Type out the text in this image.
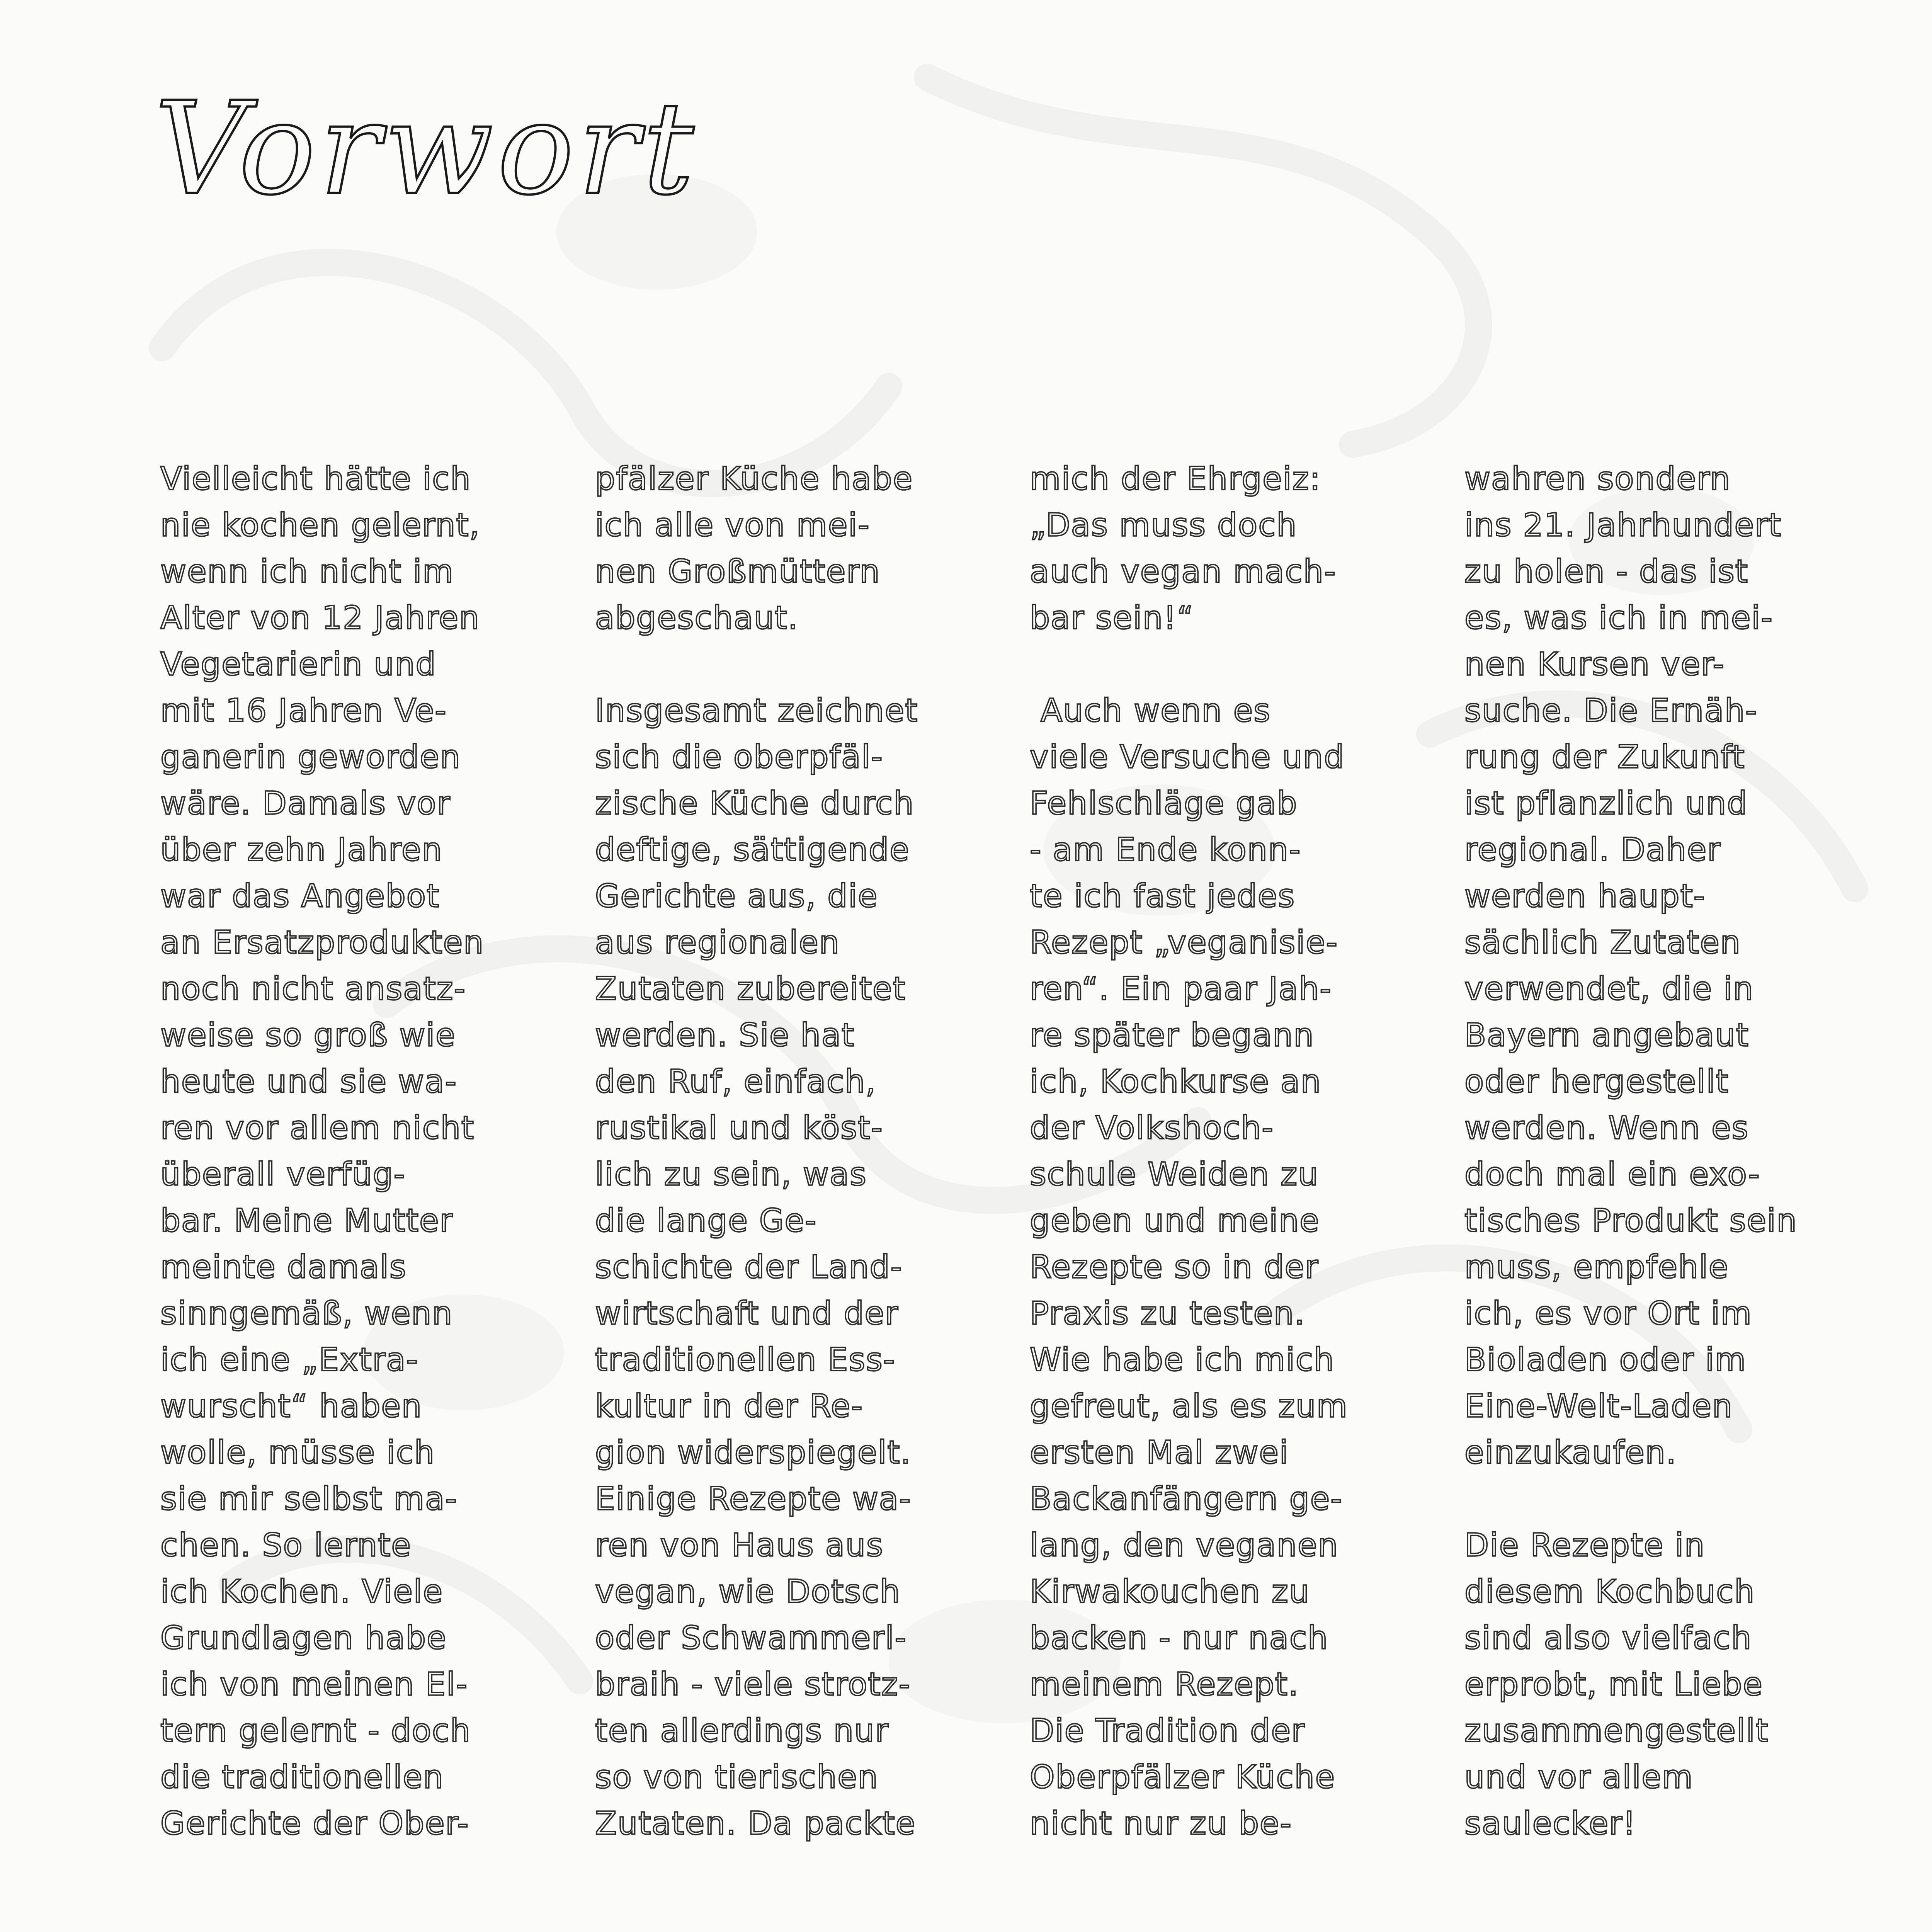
Vorwort
Vielleicht hätte ich
nie kochen gelernt,
wenn ich nicht im
Alter von 12 Jahren
Vegetarierin und
mit 16 Jahren Ve-
ganerin geworden
wäre. Damals vor
über zehn Jahren
war das Angebot
an Ersatzprodukten
noch nicht ansatz-
weise so groß wie
heute und sie wa-
ren vor allem nicht
überall verfüg-
bar. Meine Mutter
meinte damals
sinngemäß, wenn
ich eine „Extra-
wurscht“ haben
wolle, müsse ich
sie mir selbst ma-
chen. So lernte
ich Kochen. Viele
Grundlagen habe
ich von meinen El-
tern gelernt - doch
die traditionellen
Gerichte der Ober-
pfälzer Küche habe
ich alle von mei-
nen Großmüttern
abgeschaut.
Insgesamt zeichnet
sich die oberpfäl-
zische Küche durch
deftige, sättigende
Gerichte aus, die
aus regionalen
Zutaten zubereitet
werden. Sie hat
den Ruf, einfach,
rustikal und köst-
lich zu sein, was
die lange Ge-
schichte der Land-
wirtschaft und der
traditionellen Ess-
kultur in der Re-
gion widerspiegelt.
Einige Rezepte wa-
ren von Haus aus
vegan, wie Dotsch
oder Schwammerl-
braih - viele strotz-
ten allerdings nur
so von tierischen
Zutaten. Da packte
mich der Ehrgeiz:
„Das muss doch
auch vegan mach-
bar sein!“
Auch wenn es
viele Versuche und
Fehlschläge gab
- am Ende konn-
te ich fast jedes
Rezept „veganisie-
ren“. Ein paar Jah-
re später begann
ich, Kochkurse an
der Volkshoch-
schule Weiden zu
geben und meine
Rezepte so in der
Praxis zu testen.
Wie habe ich mich
gefreut, als es zum
ersten Mal zwei
Backanfängern ge-
lang, den veganen
Kirwakouchen zu
backen - nur nach
meinem Rezept.
Die Tradition der
Oberpfälzer Küche
nicht nur zu be-
wahren sondern
ins 21. Jahrhundert
zu holen - das ist
es, was ich in mei-
nen Kursen ver-
suche. Die Ernäh-
rung der Zukunft
ist pflanzlich und
regional. Daher
werden haupt-
sächlich Zutaten
verwendet, die in
Bayern angebaut
oder hergestellt
werden. Wenn es
doch mal ein exo-
tisches Produkt sein
muss, empfehle
ich, es vor Ort im
Bioladen oder im
Eine-Welt-Laden
einzukaufen.
Die Rezepte in
diesem Kochbuch
sind also vielfach
erprobt, mit Liebe
zusammengestellt
und vor allem
saulecker!
